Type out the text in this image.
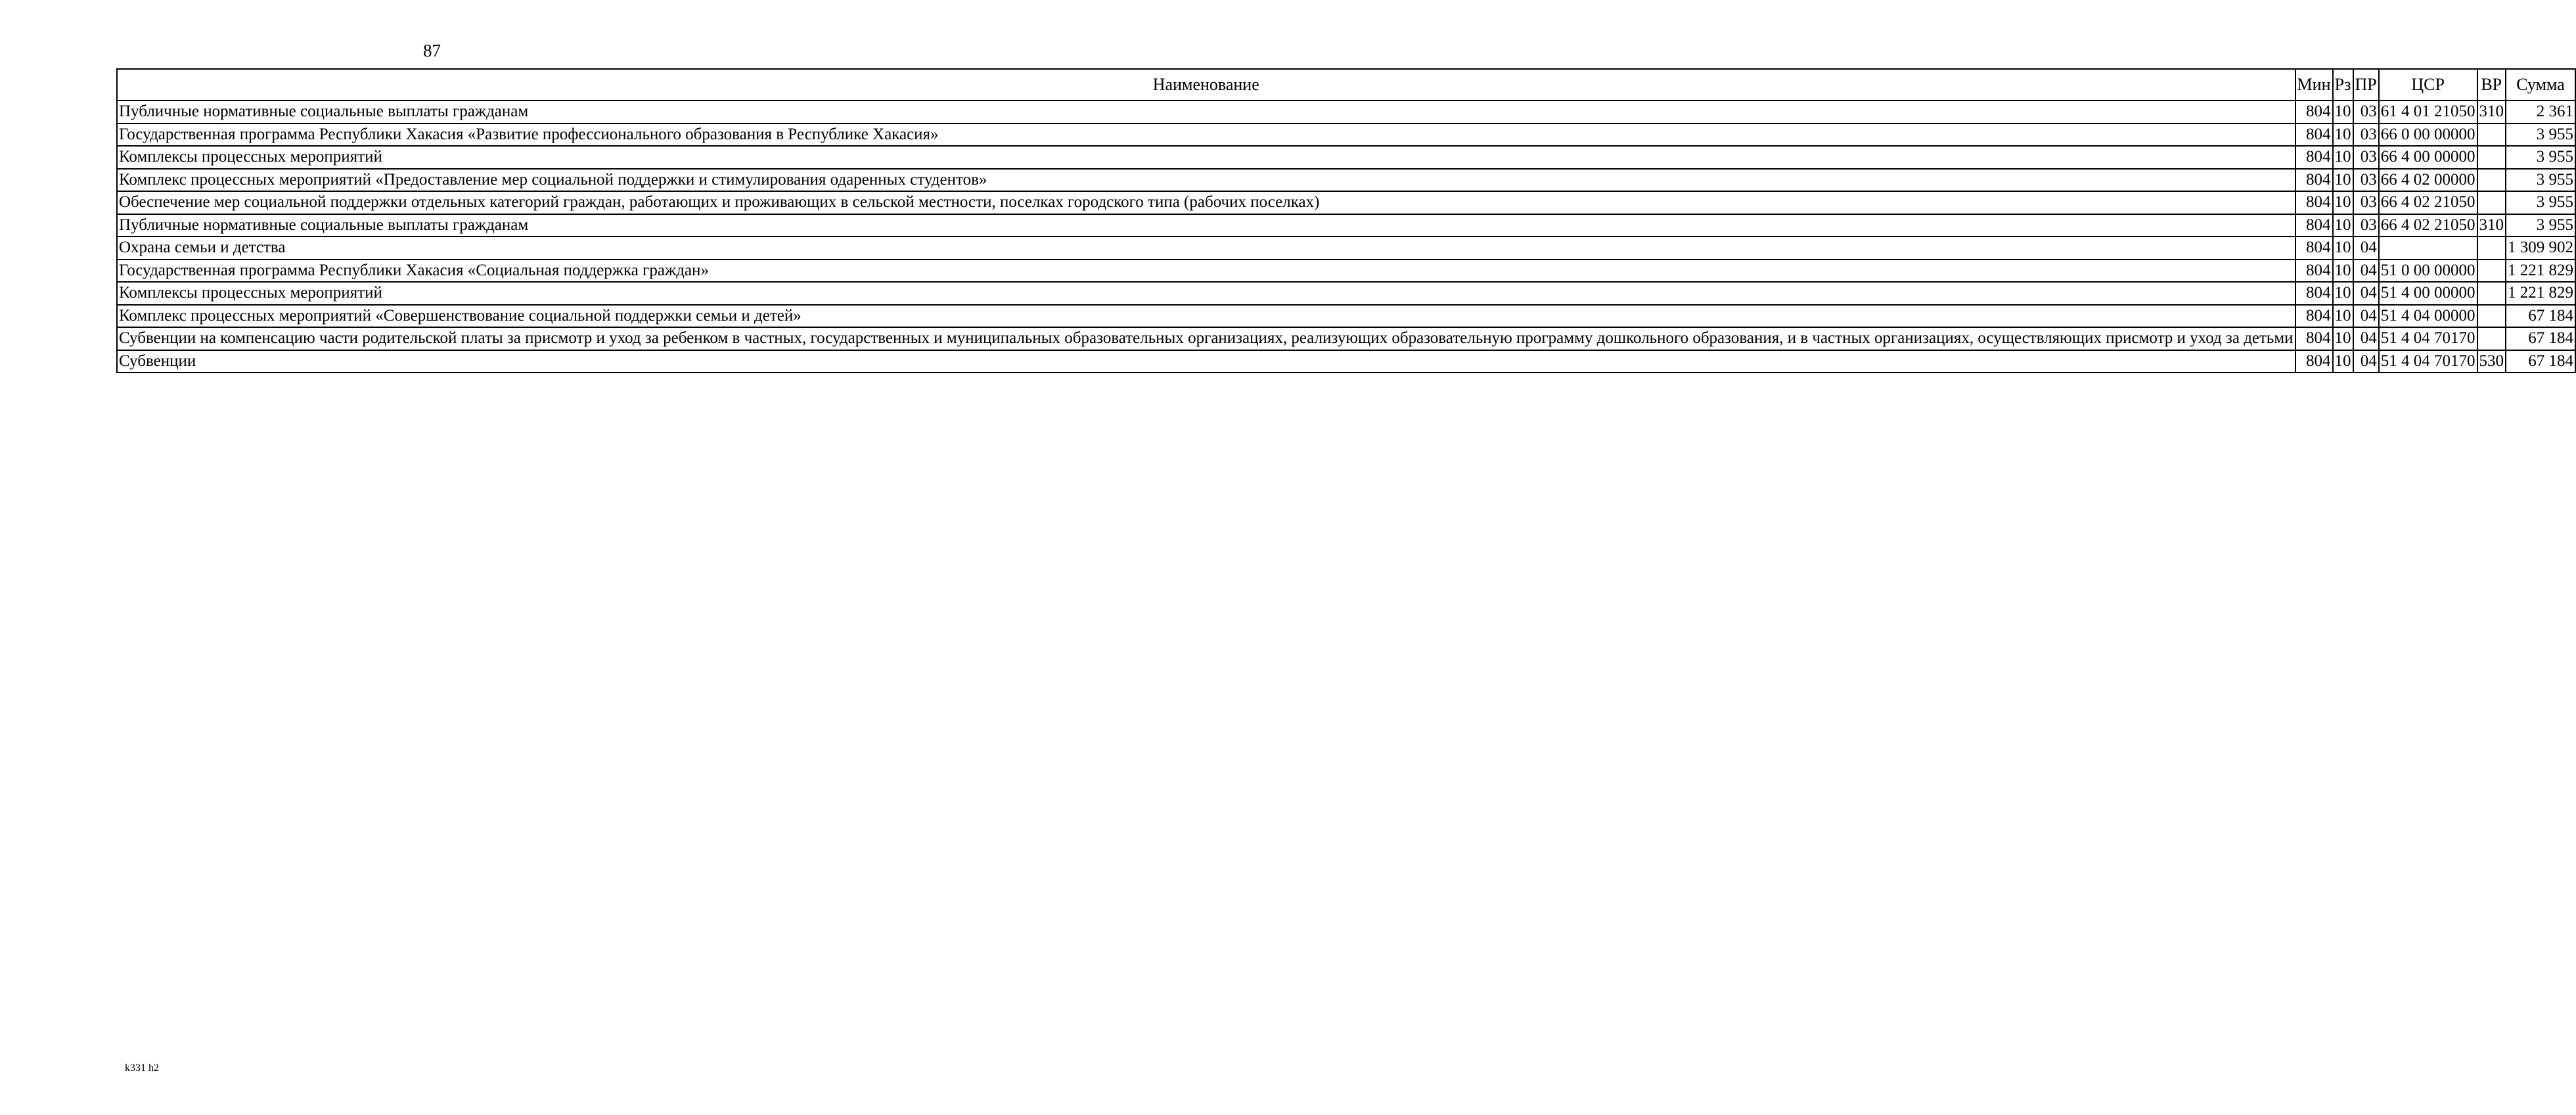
87
Наименование	Мин	Рз	ПР	ЦСР	ВР	Сумма
Публичные нормативные социальные выплаты гражданам	804	10	03	61 4 01 21050	310	2 361
Государственная программа Республики Хакасия «Развитие профессионального образования в Республике Хакасия»	804	10	03	66 0 00 00000		3 955
Комплексы процессных мероприятий	804	10	03	66 4 00 00000		3 955
Комплекс процессных мероприятий «Предоставление мер социальной поддержки и стимулирования одаренных студентов»	804	10	03	66 4 02 00000		3 955
Обеспечение мер социальной поддержки отдельных категорий граждан, работающих и проживающих в сельской местности, поселках городского типа (рабочих поселках)	804	10	03	66 4 02 21050		3 955
Публичные нормативные социальные выплаты гражданам	804	10	03	66 4 02 21050	310	3 955
Охрана семьи и детства	804	10	04			1 309 902
Государственная программа Республики Хакасия «Социальная поддержка граждан»	804	10	04	51 0 00 00000		1 221 829
Комплексы процессных мероприятий	804	10	04	51 4 00 00000		1 221 829
Комплекс процессных мероприятий «Совершенствование социальной поддержки семьи и детей»	804	10	04	51 4 04 00000		67 184
Субвенции на компенсацию части родительской платы за присмотр и уход за ребенком в частных, государственных и муниципальных образовательных организациях, реализующих образовательную программу дошкольного образования, и в частных организациях, осуществляющих присмотр и уход за детьми	804	10	04	51 4 04 70170		67 184
Субвенции	804	10	04	51 4 04 70170	530	67 184
k331 h2
